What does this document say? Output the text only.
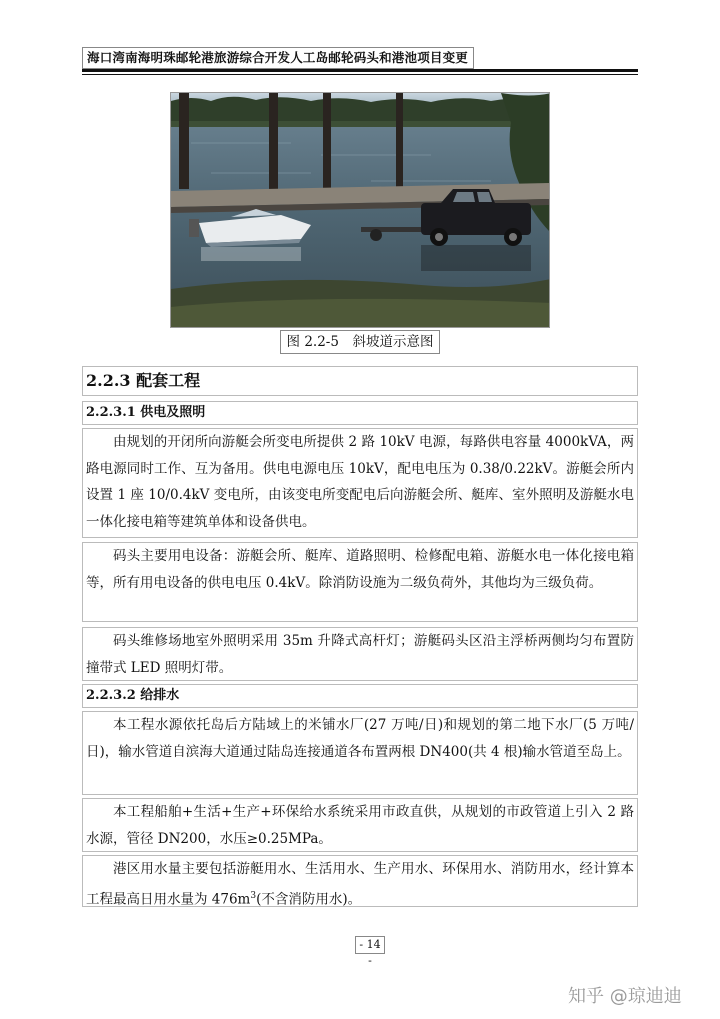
海口湾南海明珠邮轮港旅游综合开发人工岛邮轮码头和港池项目变更
图 2.2-5　斜坡道示意图
2.2.3 配套工程
2.2.3.1 供电及照明
由规划的开闭所向游艇会所变电所提供 2 路 10kV 电源，每路供电容量 4000kVA，两路电源同时工作、互为备用。供电电源电压 10kV，配电电压为 0.38/0.22kV。游艇会所内设置 1 座 10/0.4kV 变电所，由该变电所变配电后向游艇会所、艇库、室外照明及游艇水电一体化接电箱等建筑单体和设备供电。
码头主要用电设备：游艇会所、艇库、道路照明、检修配电箱、游艇水电一体化接电箱等，所有用电设备的供电电压 0.4kV。除消防设施为二级负荷外，其他均为三级负荷。
码头维修场地室外照明采用 35m 升降式高杆灯；游艇码头区沿主浮桥两侧均匀布置防撞带式 LED 照明灯带。
2.2.3.2 给排水
本工程水源依托岛后方陆域上的米铺水厂(27 万吨/日)和规划的第二地下水厂(5 万吨/日)，输水管道自滨海大道通过陆岛连接通道各布置两根 DN400(共 4 根)输水管道至岛上。
本工程船舶+生活+生产+环保给水系统采用市政直供，从规划的市政管道上引入 2 路水源，管径 DN200，水压≥0.25MPa。
港区用水量主要包括游艇用水、生活用水、生产用水、环保用水、消防用水，经计算本工程最高日用水量为 $476m^3$(不含消防用水)。
- 14 -
知乎 @琼迪迪
